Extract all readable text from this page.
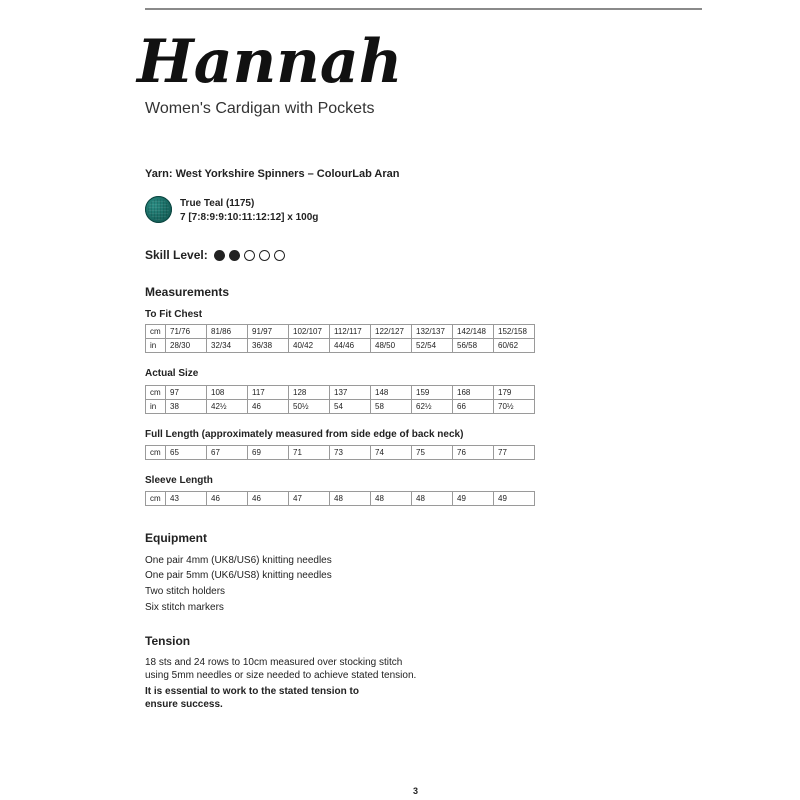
Hannah
Women's Cardigan with Pockets
Yarn: West Yorkshire Spinners – ColourLab Aran
True Teal (1175)
7 [7:8:9:9:10:11:12:12] x 100g
Skill Level:
Measurements
To Fit Chest
cm	71/76	81/86	91/97	102/107	112/117	122/127	132/137	142/148	152/158
in	28/30	32/34	36/38	40/42	44/46	48/50	52/54	56/58	60/62
Actual Size
cm	97	108	117	128	137	148	159	168	179
in	38	42½	46	50½	54	58	62½	66	70½
Full Length (approximately measured from side edge of back neck)
cm	65	67	69	71	73	74	75	76	77
Sleeve Length
cm	43	46	46	47	48	48	48	49	49
Equipment
One pair 4mm (UK8/US6) knitting needles
One pair 5mm (UK6/US8) knitting needles
Two stitch holders
Six stitch markers
Tension
18 sts and 24 rows to 10cm measured over stocking stitch
using 5mm needles or size needed to achieve stated tension.
It is essential to work to the stated tension to
ensure success.
3
